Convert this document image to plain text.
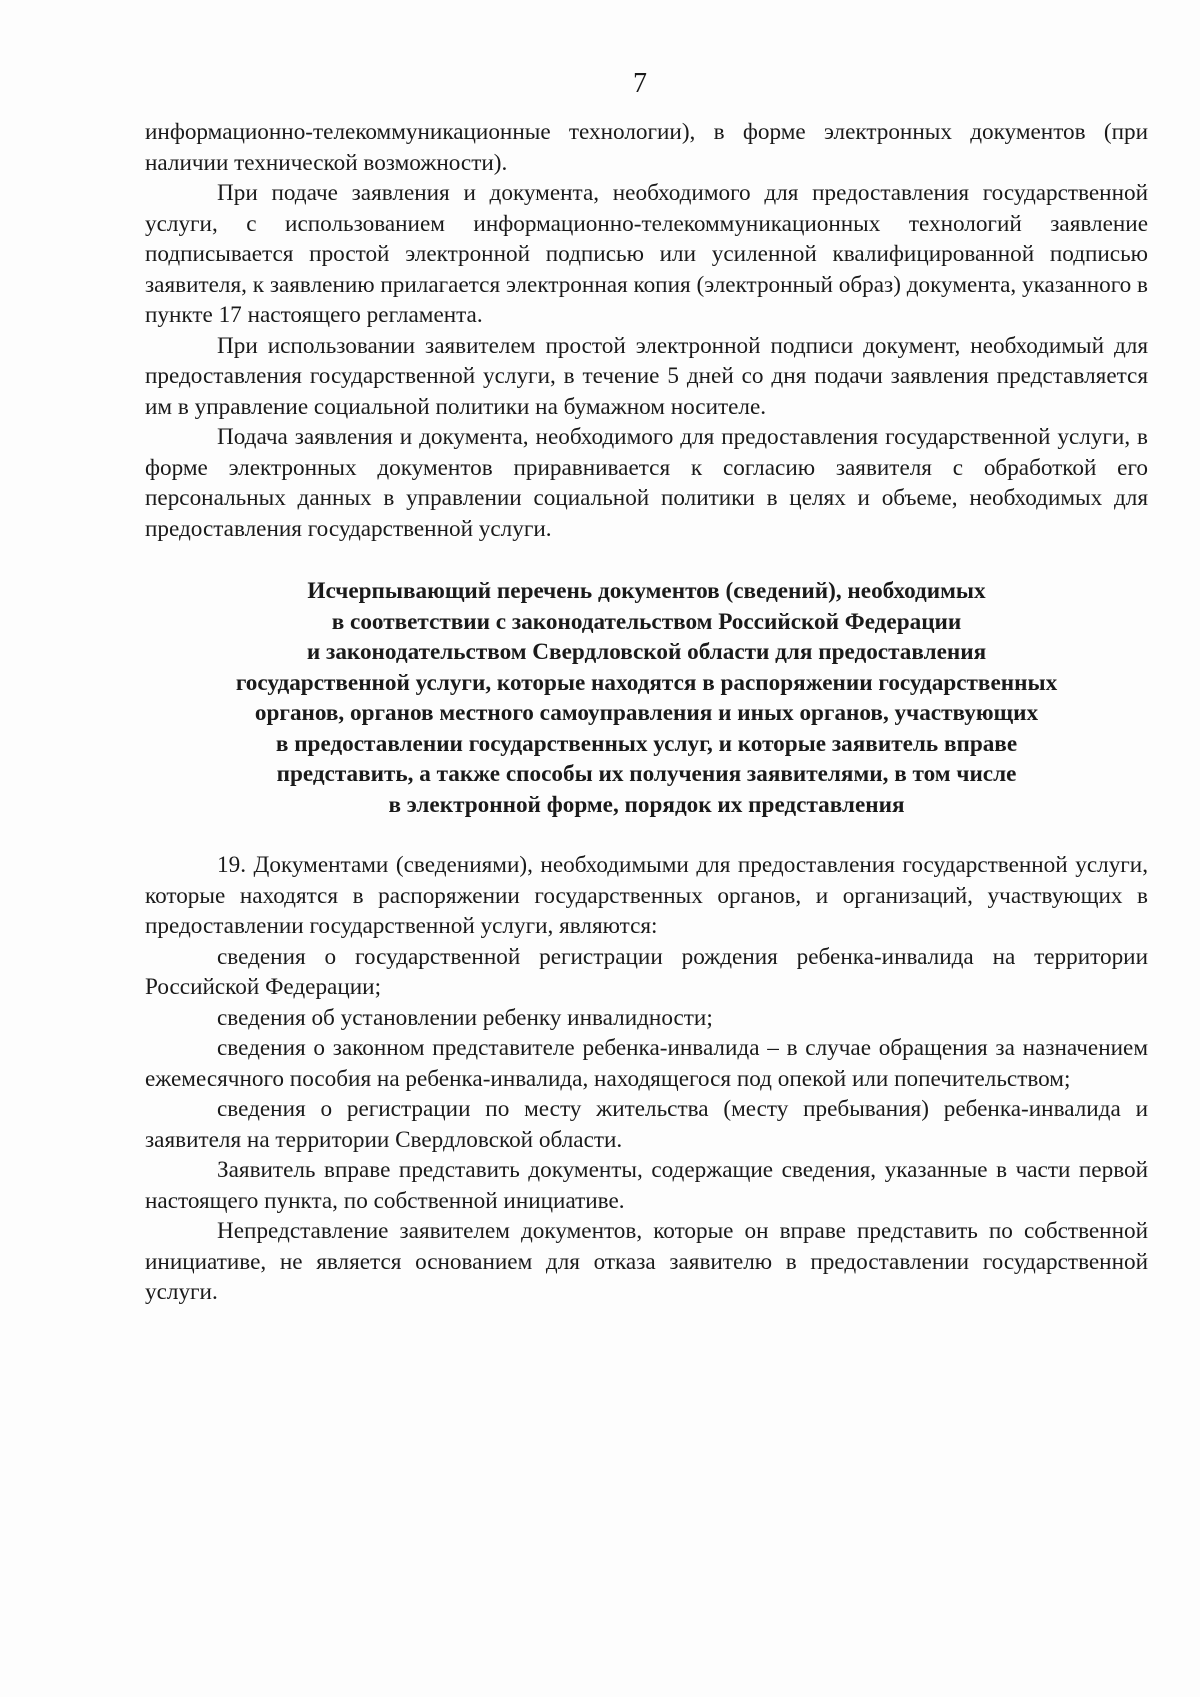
7

информационно-телекоммуникационные технологии), в форме электронных документов (при наличии технической возможности).

При подаче заявления и документа, необходимого для предоставления государственной услуги, с использованием информационно-телекоммуникационных технологий заявление подписывается простой электронной подписью или усиленной квалифицированной подписью заявителя, к заявлению прилагается электронная копия (электронный образ) документа, указанного в пункте 17 настоящего регламента.

При использовании заявителем простой электронной подписи документ, необходимый для предоставления государственной услуги, в течение 5 дней со дня подачи заявления представляется им в управление социальной политики на бумажном носителе.

Подача заявления и документа, необходимого для предоставления государственной услуги, в форме электронных документов приравнивается к согласию заявителя с обработкой его персональных данных в управлении социальной политики в целях и объеме, необходимых для предоставления государственной услуги.

Исчерпывающий перечень документов (сведений), необходимых
в соответствии с законодательством Российской Федерации
и законодательством Свердловской области для предоставления
государственной услуги, которые находятся в распоряжении государственных
органов, органов местного самоуправления и иных органов, участвующих
в предоставлении государственных услуг, и которые заявитель вправе
представить, а также способы их получения заявителями, в том числе
в электронной форме, порядок их представления

19. Документами (сведениями), необходимыми для предоставления государственной услуги, которые находятся в распоряжении государственных органов, и организаций, участвующих в предоставлении государственной услуги, являются:

сведения о государственной регистрации рождения ребенка-инвалида на территории Российской Федерации;

сведения об установлении ребенку инвалидности;

сведения о законном представителе ребенка-инвалида – в случае обращения за назначением ежемесячного пособия на ребенка-инвалида, находящегося под опекой или попечительством;

сведения о регистрации по месту жительства (месту пребывания) ребенка-инвалида и заявителя на территории Свердловской области.

Заявитель вправе представить документы, содержащие сведения, указанные в части первой настоящего пункта, по собственной инициативе.

Непредставление заявителем документов, которые он вправе представить по собственной инициативе, не является основанием для отказа заявителю в предоставлении государственной услуги.
